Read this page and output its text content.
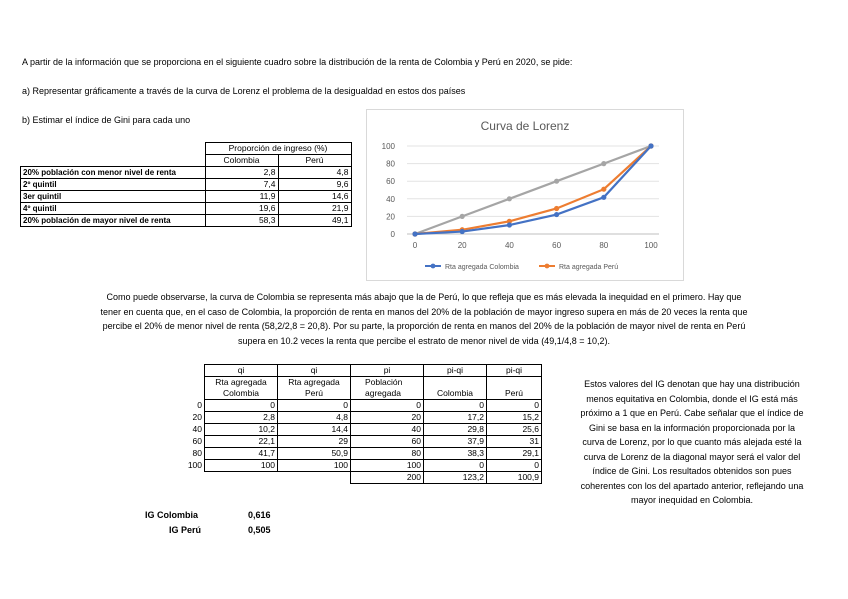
A partir de la información que se proporciona en el siguiente cuadro sobre la distribución de la renta de Colombia y Perú en 2020, se pide:
a) Representar gráficamente a través de la curva de Lorenz el problema de la desigualdad en estos dos países
b) Estimar el índice de Gini para cada uno
	Proporción de ingreso (%)	
	Colombia	Perú
20% población con menor nivel de renta	2,8	4,8
2º quintil	7,4	9,6
3er quintil	11,9	14,6
4º quintil	19,6	21,9
20% población de mayor nivel de renta	58,3	49,1
Curva de Lorenz
0
20
40
60
80
100
0	20	40	60	80	100
Rta agregada Colombia	Rta agregada Perú
Como puede observarse, la curva de Colombia se representa más abajo que la de Perú, lo que refleja que es más elevada la inequidad en el primero. Hay que
tener en cuenta que, en el caso de Colombia, la proporción de renta en manos del 20% de la población de mayor ingreso supera en más de 20 veces la renta que
percibe el 20% de menor nivel de renta (58,2/2,8 = 20,8). Por su parte, la proporción de renta en manos del 20% de la población de mayor nivel de renta en Perú
supera en 10.2 veces la renta que percibe el estrato de menor nivel de vida (49,1/4,8 = 10,2).
	qi	qi	pi	pi-qi	pi-qi
	Rta agregada	Rta agregada	Población		
	Colombia	Perú	agregada	Colombia	Perú
0	0	0	0	0	0
20	2,8	4,8	20	17,2	15,2
40	10,2	14,4	40	29,8	25,6
60	22,1	29	60	37,9	31
80	41,7	50,9	80	38,3	29,1
100	100	100	100	0	0
			200	123,2	100,9
IG Colombia	0,616
IG Perú	0,505
Estos valores del IG denotan que hay una distribución
menos equitativa en Colombia, donde el IG está más
próximo a 1 que en Perú. Cabe señalar que el índice de
Gini se basa en la información proporcionada por la
curva de Lorenz, por lo que cuanto más alejada esté la
curva de Lorenz de la diagonal mayor será el valor del
índice de Gini. Los resultados obtenidos son pues
coherentes con los del apartado anterior, reflejando una
mayor inequidad en Colombia.
